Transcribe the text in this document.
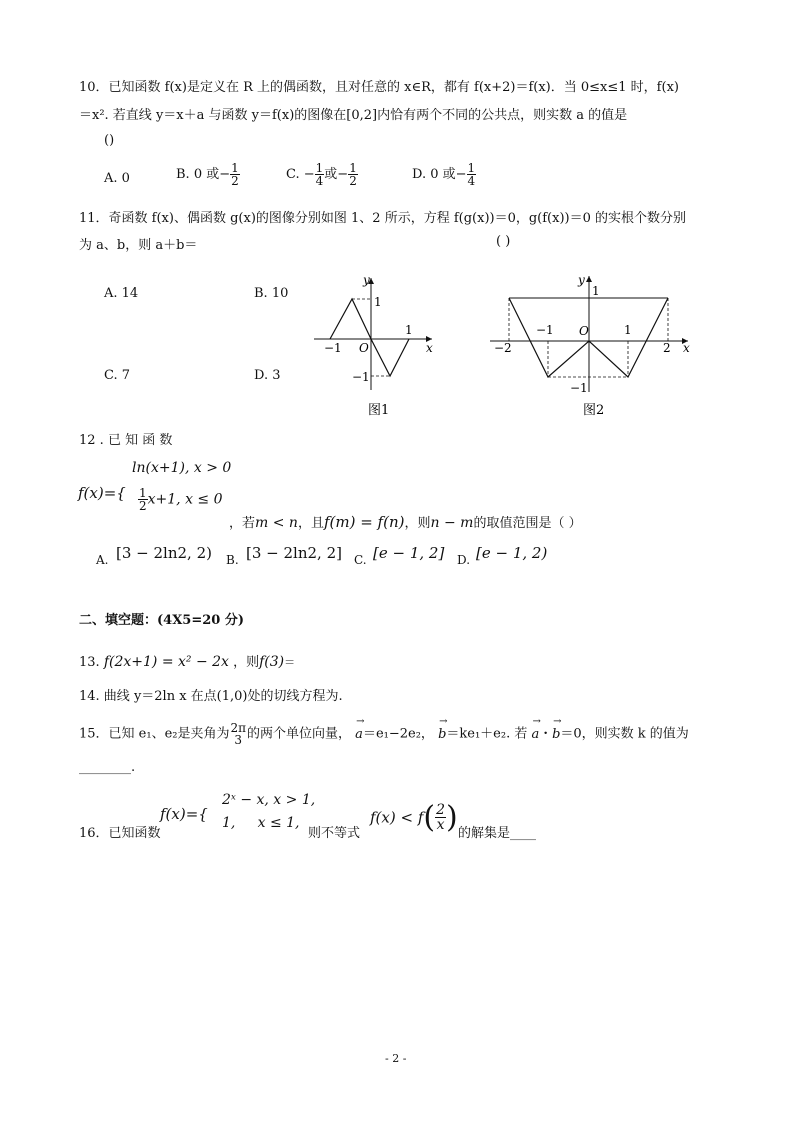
10．已知函数 f(x)是定义在 R 上的偶函数，且对任意的 x∈R，都有 f(x+2)＝f(x)．当 0≤x≤1 时，f(x)
＝x². 若直线 y＝x＋a 与函数 y＝f(x)的图像在[0,2]内恰有两个不同的公共点，则实数 a 的值是
()
A. 0	B. 0 或− $\frac{1}{2}$	C. − $\frac{1}{4}$ 或− $\frac{1}{2}$	D. 0 或− $\frac{1}{4}$
11．奇函数 f(x)、偶函数 g(x)的图像分别如图 1、2 所示，方程 f(g(x))＝0，g(f(x))＝0 的实根个数分别
为 a、b，则 a＋b＝	( )
A. 14	B. 10
C. 7	D. 3
y
x
1
1
−1 O
−1
图1
y
x
1
−1	1
−2	2
O
−1
图2
12 . 已 知 函 数
ln(x+1), x > 0
$f(x)=\{ \frac{1}{2} x+1$, x ≤ 0
，若m < n，且f(m) = f(n)，则n − m的取值范围是（ ）
A. [3 − 2ln2, 2) B. [3 − 2ln2, 2] C. [e − 1, 2] D. [e − 1, 2)
二、填空题：(4X5=20 分)
13. f(2x+1) = x² − 2x ，则f(3)＝
14. 曲线 y＝2ln x 在点(1,0)处的切线方程为.
15．已知 e₁、e₂是夹角为 2π
3 的两个单位向量，
→
a＝e₁−2e₂，
→
b＝ke₁＋e₂. 若
→
a ·
→
b＝0，则实数 k 的值为
________.
16．已知函数
f(x)={
2ˣ − x, x > 1,
1,     x ≤ 1,
则不等式
$f(x) < f( \frac{2}{x}$ ) 的解集是____
- 2 -
